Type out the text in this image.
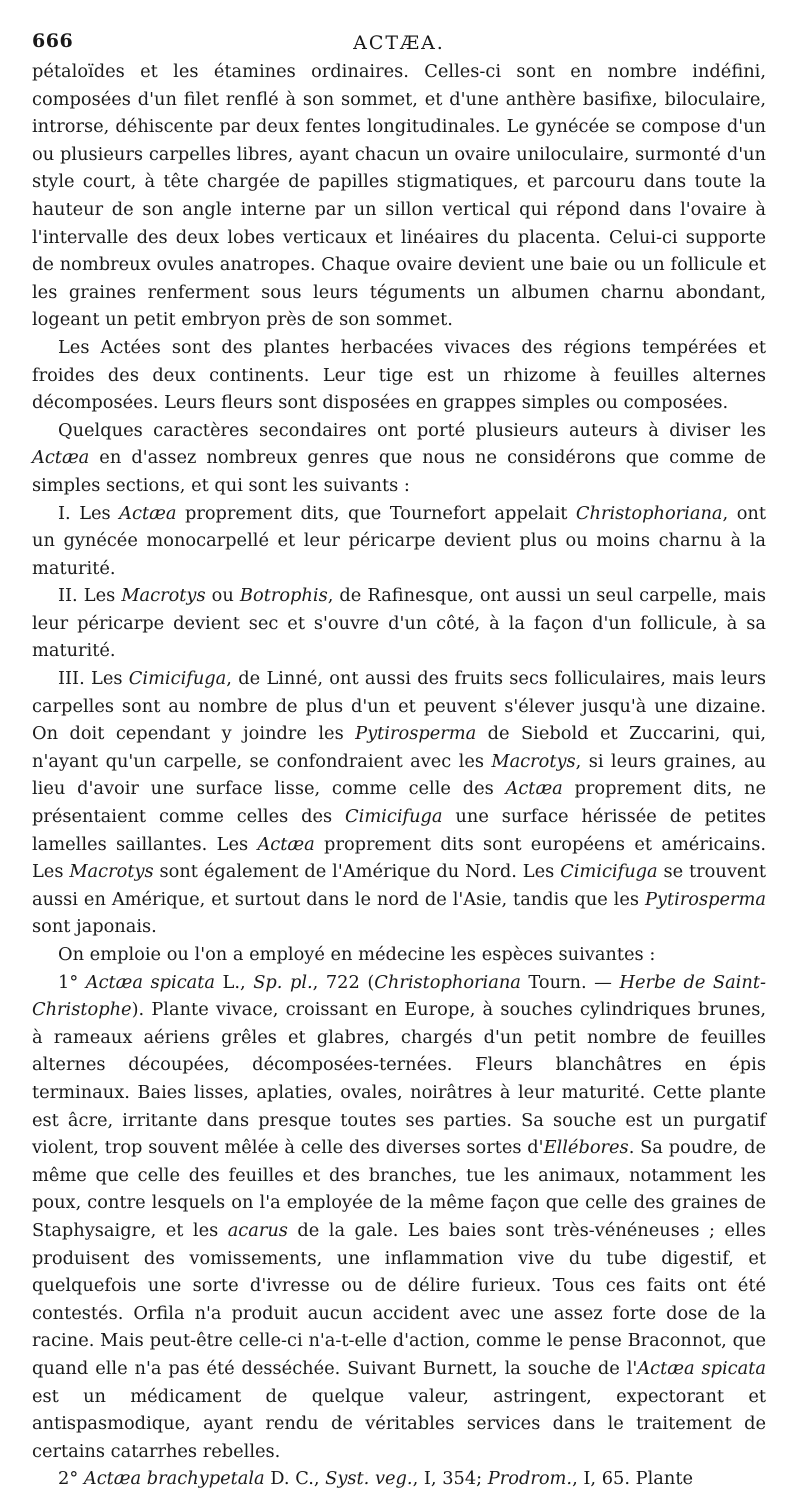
666	ACTÆA.

pétaloïdes et les étamines ordinaires. Celles-ci sont en nombre indéfini, composées d'un filet renflé à son sommet, et d'une anthère basifixe, biloculaire, introrse, déhiscente par deux fentes longitudinales. Le gynécée se compose d'un ou plusieurs carpelles libres, ayant chacun un ovaire uniloculaire, surmonté d'un style court, à tête chargée de papilles stigmatiques, et parcouru dans toute la hauteur de son angle interne par un sillon vertical qui répond dans l'ovaire à l'intervalle des deux lobes verticaux et linéaires du placenta. Celui-ci supporte de nombreux ovules anatropes. Chaque ovaire devient une baie ou un follicule et les graines renferment sous leurs téguments un albumen charnu abondant, logeant un petit embryon près de son sommet.

Les Actées sont des plantes herbacées vivaces des régions tempérées et froides des deux continents. Leur tige est un rhizome à feuilles alternes décomposées. Leurs fleurs sont disposées en grappes simples ou composées.

Quelques caractères secondaires ont porté plusieurs auteurs à diviser les Actæa en d'assez nombreux genres que nous ne considérons que comme de simples sections, et qui sont les suivants :

I. Les Actæa proprement dits, que Tournefort appelait Christophoriana, ont un gynécée monocarpellé et leur péricarpe devient plus ou moins charnu à la maturité.

II. Les Macrotys ou Botrophis, de Rafinesque, ont aussi un seul carpelle, mais leur péricarpe devient sec et s'ouvre d'un côté, à la façon d'un follicule, à sa maturité.

III. Les Cimicifuga, de Linné, ont aussi des fruits secs folliculaires, mais leurs carpelles sont au nombre de plus d'un et peuvent s'élever jusqu'à une dizaine. On doit cependant y joindre les Pytirosperma de Siebold et Zuccarini, qui, n'ayant qu'un carpelle, se confondraient avec les Macrotys, si leurs graines, au lieu d'avoir une surface lisse, comme celle des Actæa proprement dits, ne présentaient comme celles des Cimicifuga une surface hérissée de petites lamelles saillantes. Les Actæa proprement dits sont européens et américains. Les Macrotys sont également de l'Amérique du Nord. Les Cimicifuga se trouvent aussi en Amérique, et surtout dans le nord de l'Asie, tandis que les Pytirosperma sont japonais.

On emploie ou l'on a employé en médecine les espèces suivantes :

1° Actæa spicata L., Sp. pl., 722 (Christophoriana Tourn. — Herbe de Saint-Christophe). Plante vivace, croissant en Europe, à souches cylindriques brunes, à rameaux aériens grêles et glabres, chargés d'un petit nombre de feuilles alternes découpées, décomposées-ternées. Fleurs blanchâtres en épis terminaux. Baies lisses, aplaties, ovales, noirâtres à leur maturité. Cette plante est âcre, irritante dans presque toutes ses parties. Sa souche est un purgatif violent, trop souvent mêlée à celle des diverses sortes d'Ellébores. Sa poudre, de même que celle des feuilles et des branches, tue les animaux, notamment les poux, contre lesquels on l'a employée de la même façon que celle des graines de Staphysaigre, et les acarus de la gale. Les baies sont très-vénéneuses ; elles produisent des vomissements, une inflammation vive du tube digestif, et quelquefois une sorte d'ivresse ou de délire furieux. Tous ces faits ont été contestés. Orfila n'a produit aucun accident avec une assez forte dose de la racine. Mais peut-être celle-ci n'a-t-elle d'action, comme le pense Braconnot, que quand elle n'a pas été desséchée. Suivant Burnett, la souche de l'Actæa spicata est un médicament de quelque valeur, astringent, expectorant et antispasmodique, ayant rendu de véritables services dans le traitement de certains catarrhes rebelles.

2° Actæa brachypetala D. C., Syst. veg., I, 354; Prodrom., I, 65. Plante
